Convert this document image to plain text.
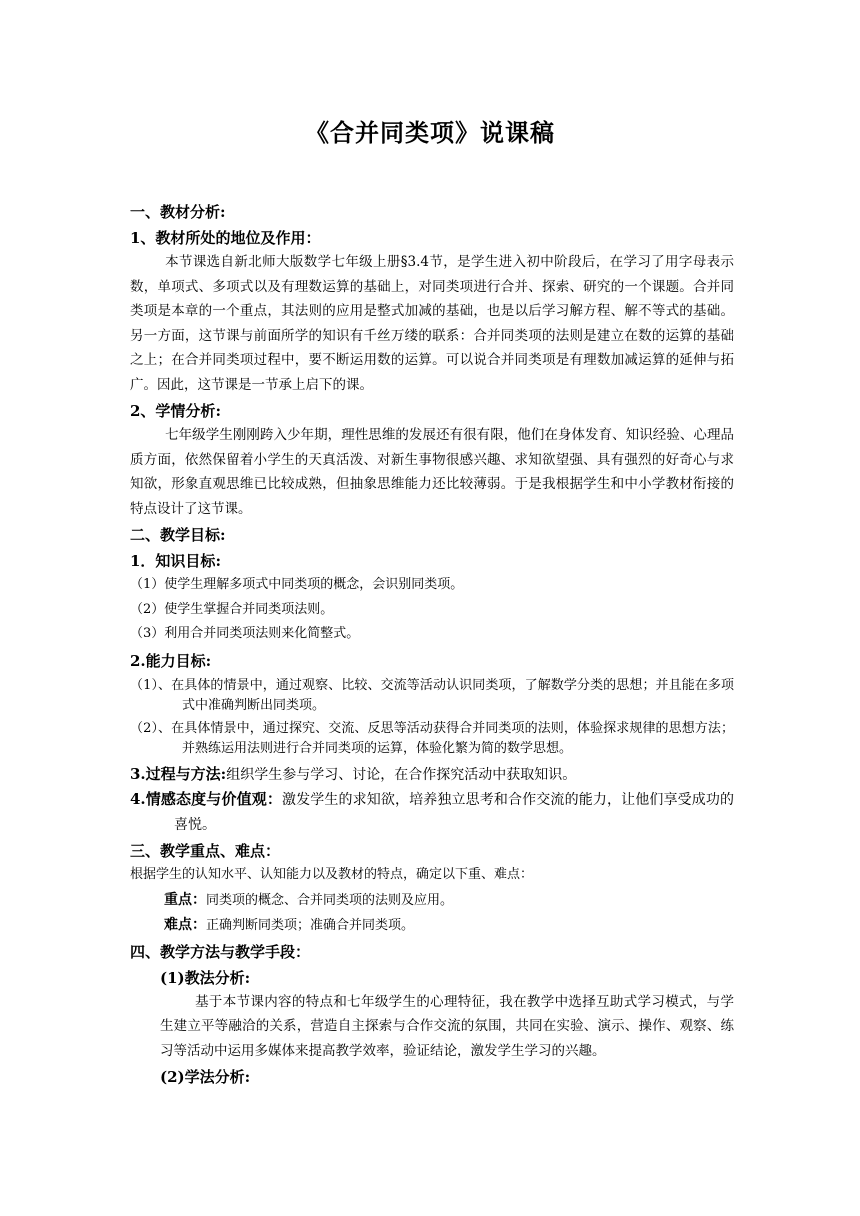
《合并同类项》说课稿
一、教材分析:
1、教材所处的地位及作用：
本节课选自新北师大版数学七年级上册§3.4节，是学生进入初中阶段后，在学习了用字母表示数，单项式、多项式以及有理数运算的基础上，对同类项进行合并、探索、研究的一个课题。合并同类项是本章的一个重点，其法则的应用是整式加减的基础，也是以后学习解方程、解不等式的基础。另一方面，这节课与前面所学的知识有千丝万缕的联系：合并同类项的法则是建立在数的运算的基础之上；在合并同类项过程中，要不断运用数的运算。可以说合并同类项是有理数加减运算的延伸与拓广。因此，这节课是一节承上启下的课。
2、学情分析:
七年级学生刚刚跨入少年期，理性思维的发展还有很有限，他们在身体发育、知识经验、心理品质方面，依然保留着小学生的天真活泼、对新生事物很感兴趣、求知欲望强、具有强烈的好奇心与求知欲，形象直观思维已比较成熟，但抽象思维能力还比较薄弱。于是我根据学生和中小学教材衔接的特点设计了这节课。
二、教学目标:
1．知识目标:
（1）使学生理解多项式中同类项的概念，会识别同类项。
（2）使学生掌握合并同类项法则。
（3）利用合并同类项法则来化简整式。
2.能力目标:
（1）、在具体的情景中，通过观察、比较、交流等活动认识同类项，了解数学分类的思想；并且能在多项式中准确判断出同类项。
（2）、在具体情景中，通过探究、交流、反思等活动获得合并同类项的法则，体验探求规律的思想方法；并熟练运用法则进行合并同类项的运算，体验化繁为简的数学思想。
3.过程与方法:组织学生参与学习、讨论，在合作探究活动中获取知识。
4.情感态度与价值观：激发学生的求知欲，培养独立思考和合作交流的能力，让他们享受成功的喜悦。
三、教学重点、难点：
根据学生的认知水平、认知能力以及教材的特点，确定以下重、难点：
重点：同类项的概念、合并同类项的法则及应用。
难点：正确判断同类项；准确合并同类项。
四、教学方法与教学手段：
(1)教法分析:
基于本节课内容的特点和七年级学生的心理特征，我在教学中选择互助式学习模式，与学生建立平等融洽的关系，营造自主探索与合作交流的氛围，共同在实验、演示、操作、观察、练习等活动中运用多媒体来提高教学效率，验证结论，激发学生学习的兴趣。
(2)学法分析:
